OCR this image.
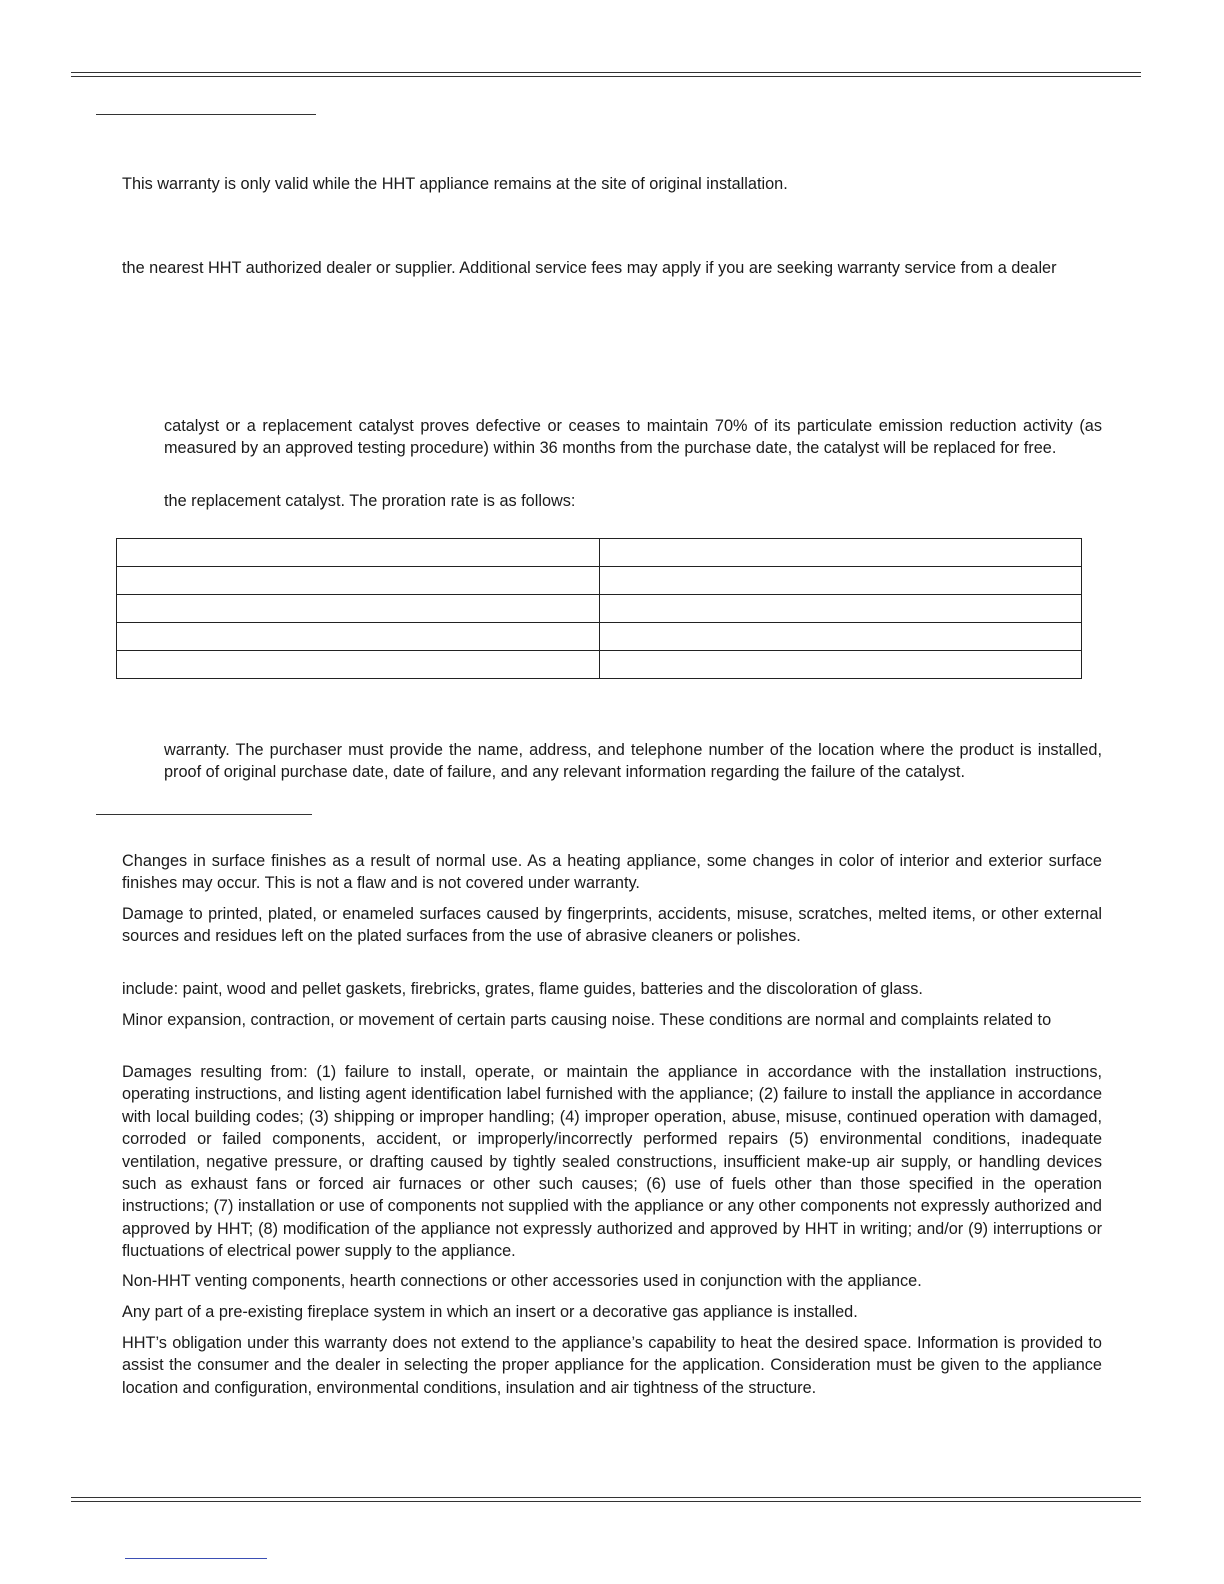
This warranty is only valid while the HHT appliance remains at the site of original installation.

the nearest HHT authorized dealer or supplier. Additional service fees may apply if you are seeking warranty service from a dealer

catalyst or a replacement catalyst proves defective or ceases to maintain 70% of its particulate emission reduction activity (as measured by an approved testing procedure) within 36 months from the purchase date, the catalyst will be replaced for free.

the replacement catalyst. The proration rate is as follows:

warranty. The purchaser must provide the name, address, and telephone number of the location where the product is installed, proof of original purchase date, date of failure, and any relevant information regarding the failure of the catalyst.

Changes in surface finishes as a result of normal use. As a heating appliance, some changes in color of interior and exterior surface finishes may occur. This is not a flaw and is not covered under warranty.

Damage to printed, plated, or enameled surfaces caused by fingerprints, accidents, misuse, scratches, melted items, or other external sources and residues left on the plated surfaces from the use of abrasive cleaners or polishes.

include: paint, wood and pellet gaskets, firebricks, grates, flame guides, batteries and the discoloration of glass.

Minor expansion, contraction, or movement of certain parts causing noise. These conditions are normal and complaints related to

Damages resulting from: (1) failure to install, operate, or maintain the appliance in accordance with the installation instructions, operating instructions, and listing agent identification label furnished with the appliance; (2) failure to install the appliance in accordance with local building codes; (3) shipping or improper handling; (4) improper operation, abuse, misuse, continued operation with damaged, corroded or failed components, accident, or improperly/incorrectly performed repairs (5) environmental conditions, inadequate ventilation, negative pressure, or drafting caused by tightly sealed constructions, insufficient make-up air supply, or handling devices such as exhaust fans or forced air furnaces or other such causes; (6) use of fuels other than those specified in the operation instructions; (7) installation or use of components not supplied with the appliance or any other components not expressly authorized and approved by HHT; (8) modification of the appliance not expressly authorized and approved by HHT in writing; and/or (9) interruptions or fluctuations of electrical power supply to the appliance.

Non-HHT venting components, hearth connections or other accessories used in conjunction with the appliance.

Any part of a pre-existing fireplace system in which an insert or a decorative gas appliance is installed.

HHT’s obligation under this warranty does not extend to the appliance’s capability to heat the desired space. Information is provided to assist the consumer and the dealer in selecting the proper appliance for the application. Consideration must be given to the appliance location and configuration, environmental conditions, insulation and air tightness of the structure.
